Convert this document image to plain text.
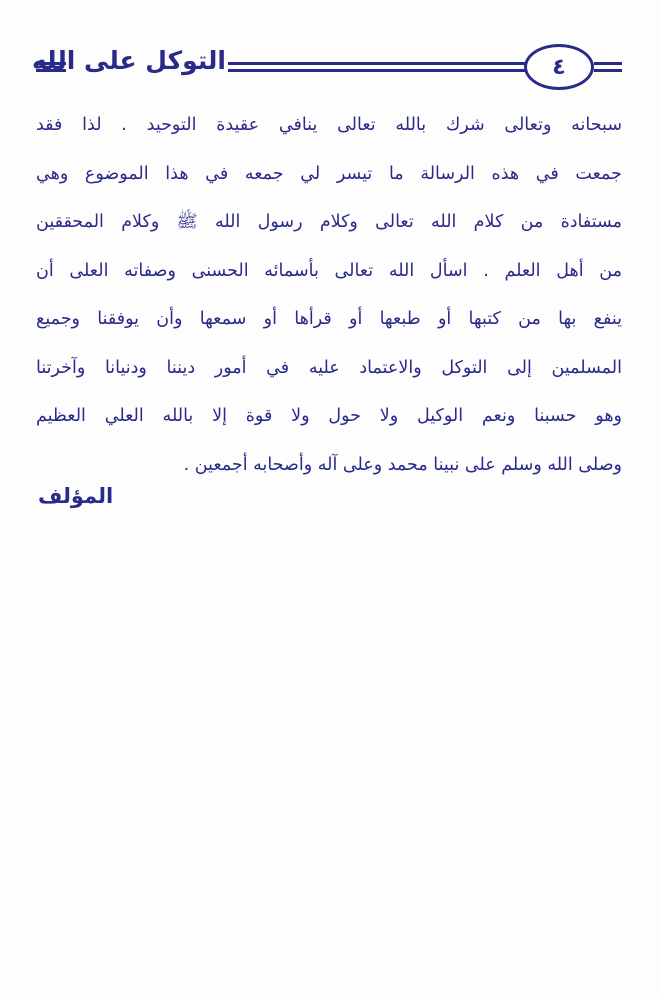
التوكل على الله	٤
سبحانه وتعالى شرك بالله تعالى ينافي عقيدة التوحيد . لذا فقد
جمعت في هذه الرسالة ما تيسر لي جمعه في هذا الموضوع وهي
مستفادة من كلام الله تعالى وكلام رسول الله ﷺ وكلام المحققين
من أهل العلم . اسأل الله تعالى بأسمائه الحسنى وصفاته العلى أن
ينفع بها من كتبها أو طبعها أو قرأها أو سمعها وأن يوفقنا وجميع
المسلمين إلى التوكل والاعتماد عليه في أمور ديننا ودنيانا وآخرتنا
وهو حسبنا ونعم الوكيل ولا حول ولا قوة إلا بالله العلي العظيم
وصلى الله وسلم على نبينا محمد وعلى آله وأصحابه أجمعين .
المؤلف
